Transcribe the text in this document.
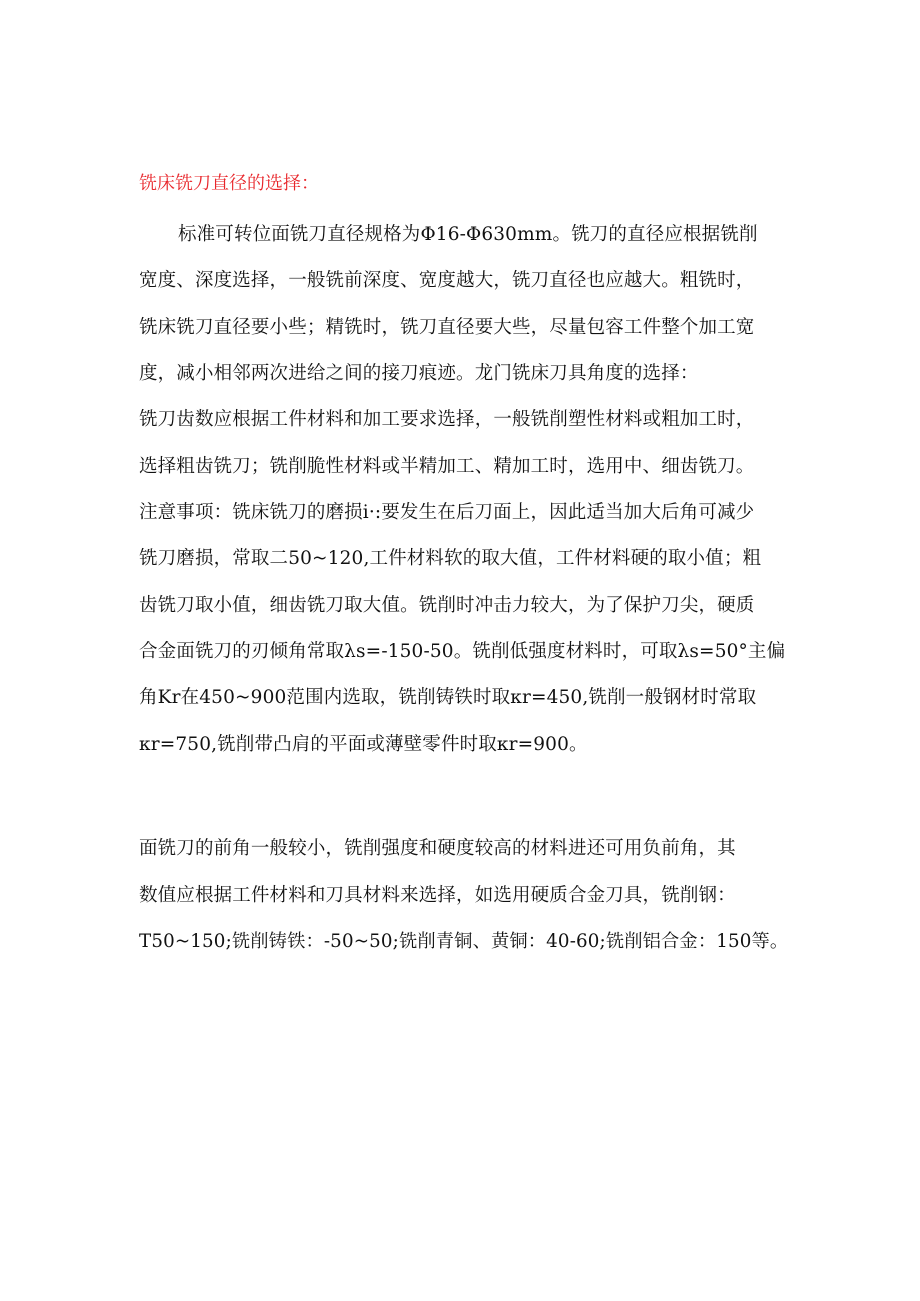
铣床铣刀直径的选择：
标准可转位面铣刀直径规格为Φ16-Φ630mm。铣刀的直径应根据铣削
宽度、深度选择，一般铣前深度、宽度越大，铣刀直径也应越大。粗铣时，
铣床铣刀直径要小些；精铣时，铣刀直径要大些，尽量包容工件整个加工宽
度，减小相邻两次进给之间的接刀痕迹。龙门铣床刀具角度的选择：
铣刀齿数应根据工件材料和加工要求选择，一般铣削塑性材料或粗加工时，
选择粗齿铣刀；铣削脆性材料或半精加工、精加工时，选用中、细齿铣刀。
注意事项：铣床铣刀的磨损i·:要发生在后刀面上，因此适当加大后角可减少
铣刀磨损，常取二50~120,工件材料软的取大值，工件材料硬的取小值；粗
齿铣刀取小值，细齿铣刀取大值。铣削时冲击力较大，为了保护刀尖，硬质
合金面铣刀的刃倾角常取λs=-150-50。铣削低强度材料时，可取λs=50°主偏
角Kr在450~900范围内选取，铣削铸铁时取κr=450,铣削一般钢材时常取
κr=750,铣削带凸肩的平面或薄壁零件时取κr=900。
面铣刀的前角一般较小，铣削强度和硬度较高的材料进还可用负前角，其
数值应根据工件材料和刀具材料来选择，如选用硬质合金刀具，铣削钢：
T50~150;铣削铸铁：-50~50;铣削青铜、黄铜：40-60;铣削铝合金：150等。
